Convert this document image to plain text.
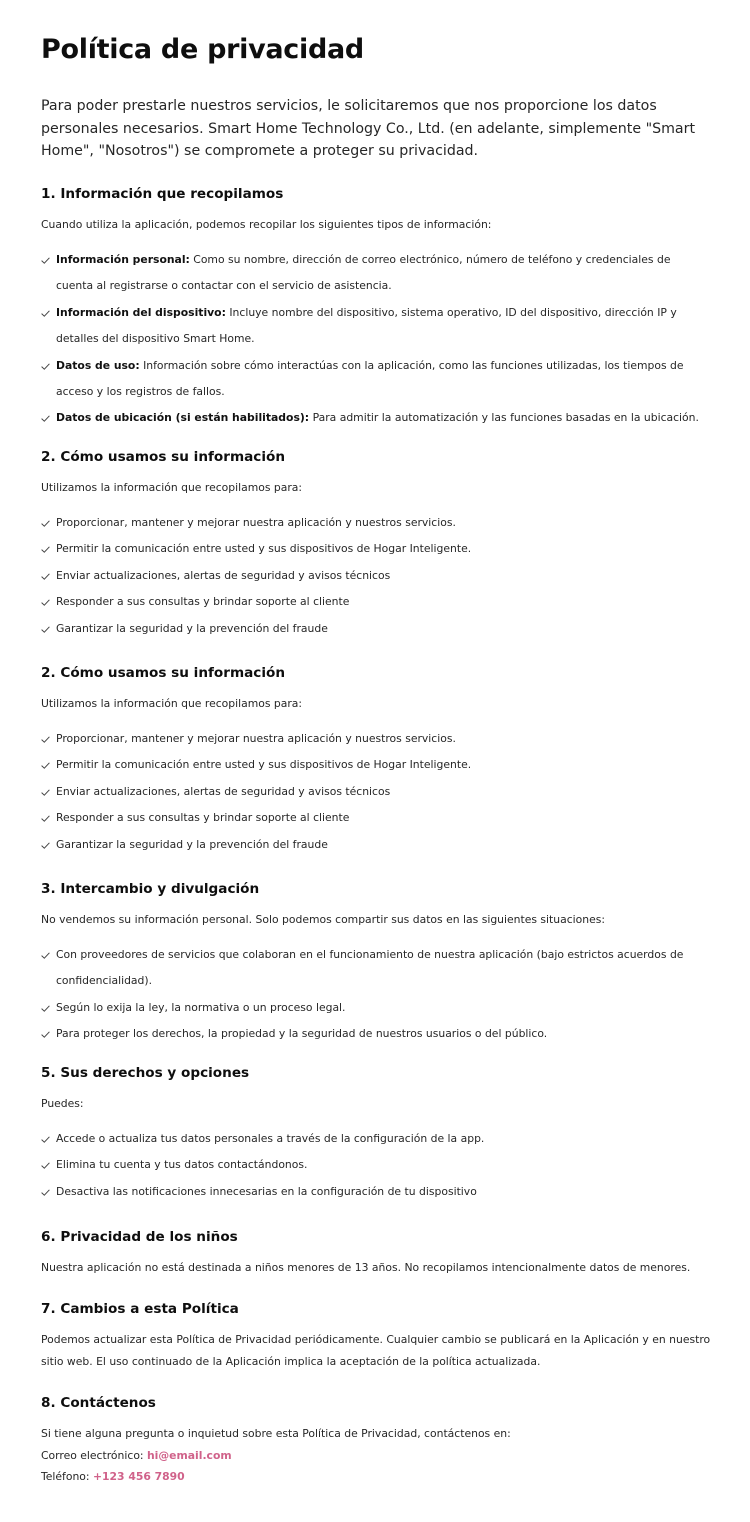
Política de privacidad

Para poder prestarle nuestros servicios, le solicitaremos que nos proporcione los datos personales necesarios. Smart Home Technology Co., Ltd. (en adelante, simplemente "Smart Home", "Nosotros") se compromete a proteger su privacidad.

1. Información que recopilamos

Cuando utiliza la aplicación, podemos recopilar los siguientes tipos de información:

Información personal: Como su nombre, dirección de correo electrónico, número de teléfono y credenciales de cuenta al registrarse o contactar con el servicio de asistencia.
Información del dispositivo: Incluye nombre del dispositivo, sistema operativo, ID del dispositivo, dirección IP y detalles del dispositivo Smart Home.
Datos de uso: Información sobre cómo interactúas con la aplicación, como las funciones utilizadas, los tiempos de acceso y los registros de fallos.
Datos de ubicación (si están habilitados): Para admitir la automatización y las funciones basadas en la ubicación.
2. Cómo usamos su información

Utilizamos la información que recopilamos para:

Proporcionar, mantener y mejorar nuestra aplicación y nuestros servicios.
Permitir la comunicación entre usted y sus dispositivos de Hogar Inteligente.
Enviar actualizaciones, alertas de seguridad y avisos técnicos
Responder a sus consultas y brindar soporte al cliente
Garantizar la seguridad y la prevención del fraude
2. Cómo usamos su información

Utilizamos la información que recopilamos para:

Proporcionar, mantener y mejorar nuestra aplicación y nuestros servicios.
Permitir la comunicación entre usted y sus dispositivos de Hogar Inteligente.
Enviar actualizaciones, alertas de seguridad y avisos técnicos
Responder a sus consultas y brindar soporte al cliente
Garantizar la seguridad y la prevención del fraude
3. Intercambio y divulgación

No vendemos su información personal. Solo podemos compartir sus datos en las siguientes situaciones:

Con proveedores de servicios que colaboran en el funcionamiento de nuestra aplicación (bajo estrictos acuerdos de confidencialidad).
Según lo exija la ley, la normativa o un proceso legal.
Para proteger los derechos, la propiedad y la seguridad de nuestros usuarios o del público.
5. Sus derechos y opciones

Puedes:

Accede o actualiza tus datos personales a través de la configuración de la app.
Elimina tu cuenta y tus datos contactándonos.
Desactiva las notificaciones innecesarias en la configuración de tu dispositivo
6. Privacidad de los niños

Nuestra aplicación no está destinada a niños menores de 13 años. No recopilamos intencionalmente datos de menores.

7. Cambios a esta Política

Podemos actualizar esta Política de Privacidad periódicamente. Cualquier cambio se publicará en la Aplicación y en nuestro sitio web. El uso continuado de la Aplicación implica la aceptación de la política actualizada.

8. Contáctenos

Si tiene alguna pregunta o inquietud sobre esta Política de Privacidad, contáctenos en:

Correo electrónico: hi@email.com
Teléfono: +123 456 7890
